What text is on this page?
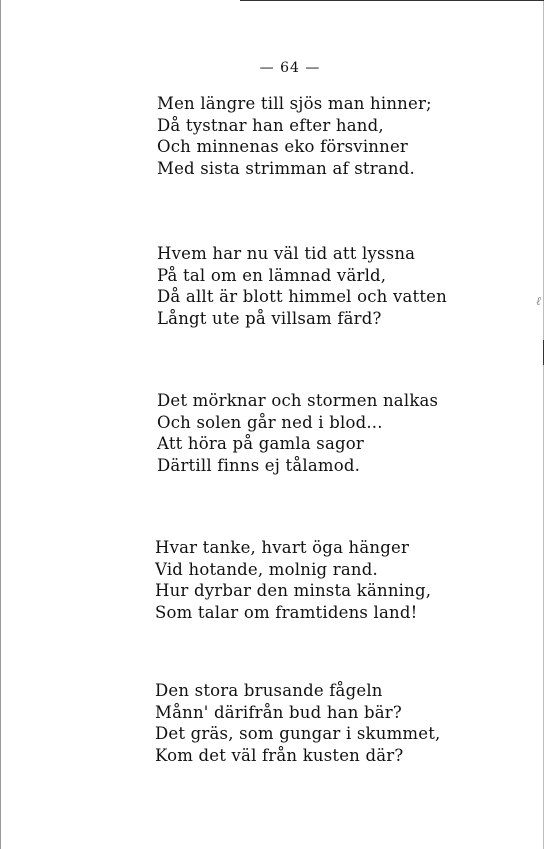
— 64 —
Men längre till sjös man hinner;
Då tystnar han efter hand,
Och minnenas eko försvinner
Med sista strimman af strand.
Hvem har nu väl tid att lyssna
På tal om en lämnad värld,
Då allt är blott himmel och vatten
Långt ute på villsam färd?
Det mörknar och stormen nalkas
Och solen går ned i blod...
Att höra på gamla sagor
Därtill finns ej tålamod.
Hvar tanke, hvart öga hänger
Vid hotande, molnig rand.
Hur dyrbar den minsta känning,
Som talar om framtidens land!
Den stora brusande fågeln
Månn' därifrån bud han bär?
Det gräs, som gungar i skummet,
Kom det väl från kusten där?
ℓ
